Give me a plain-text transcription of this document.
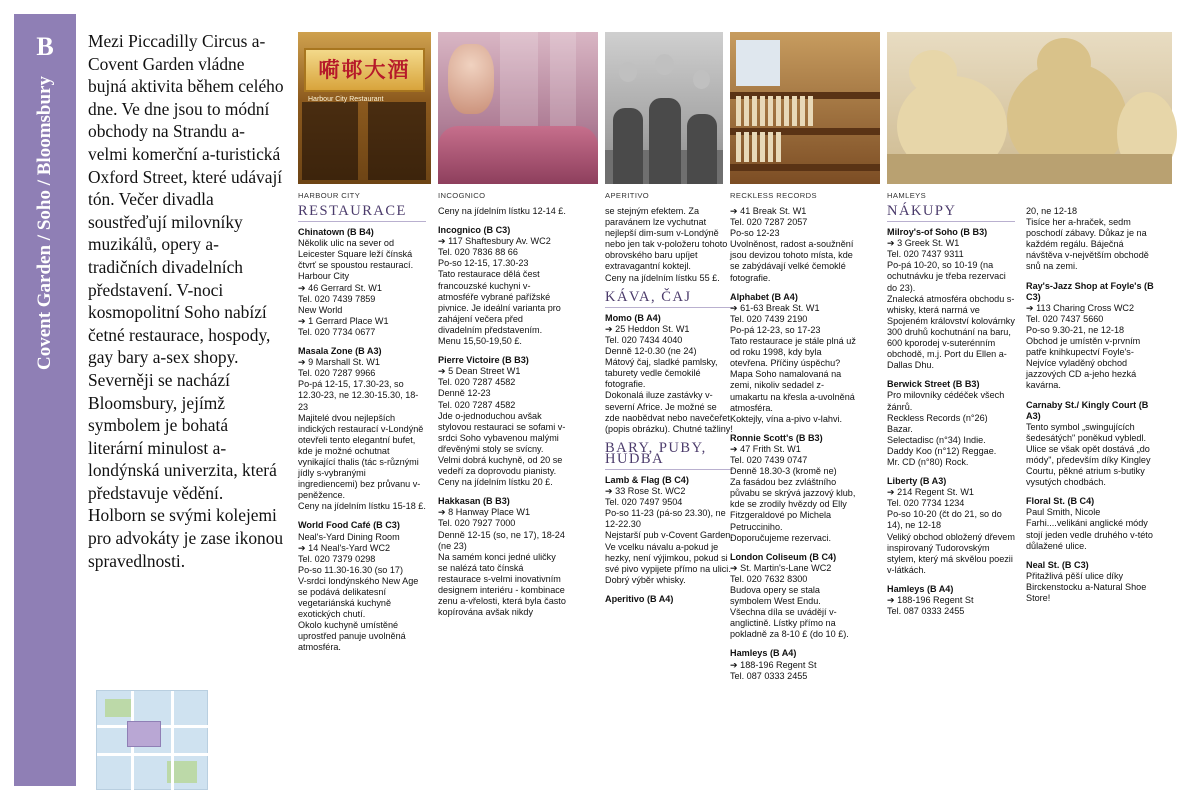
B
Covent Garden / Soho / Bloomsbury
Mezi Piccadilly Circus a-Covent Garden vládne bujná aktivita během celého dne. Ve dne jsou to módní obchody na Strandu a-velmi komerční a-turistická Oxford Street, které udávají tón. Večer divadla soustřeďují milovníky muzikálů, opery a-tradičních divadelních představení. V-noci kosmopolitní Soho nabízí četné restaurace, hospody, gay bary a-sex shopy. Severněji se nachází Bloomsbury, jejímž symbolem je bohatá literární minulost a-londýnská univerzita, která představuje vědění. Holborn se svými kolejemi pro advokáty je zase ikonou spravedlnosti.
嗬邨大酒
Harbour City Restaurant
HARBOUR CITY	INCOGNICO	APERITIVO	RECKLESS RECORDS	HAMLEYS
RESTAURACE

Chinatown (B B4)

Několik ulic na sever od Leicester Square leží čínská čtvrť se spoustou restaurací.

Harbour City

➔ 46 Gerrard St. W1

Tel. 020 7439 7859

New World

➔ 1 Gerrard Place W1

Tel. 020 7734 0677

Masala Zone (B A3)

➔ 9 Marshall St. W1

Tel. 020 7287 9966

Po-pá 12-15, 17.30-23, so 12.30-23, ne 12.30-15.30, 18-23

Majitelé dvou nejlepších indických restaurací v-Londýně otevřeli tento elegantní bufet, kde je možné ochutnat vynikající thalis (tác s-různými jídly s-vybranými ingrediencemi) bez průvanu v-peněžence.

Ceny na jídelním lístku 15-18 £.

World Food Café (B C3)

Neal's-Yard Dining Room

➔ 14 Neal's-Yard WC2

Tel. 020 7379 0298

Po-so 11.30-16.30 (so 17)

V-srdci londýnského New Age se podává delikatesní vegetariánská kuchyně exotických chutí.

Okolo kuchyně umístěné uprostřed panuje uvolněná atmosféra.

Ceny na jídelním lístku 12-14 £.

Incognico (B C3)

➔ 117 Shaftesbury Av. WC2

Tel. 020 7836 88 66

Po-so 12-15, 17.30-23

Tato restaurace dělá čest francouzské kuchyni v-atmosféře vybrané pařížské pivnice. Je ideální varianta pro zahájení večera před divadelním představením.

Menu 15,50-19,50 £.

Pierre Victoire (B B3)

➔ 5 Dean Street W1

Tel. 020 7287 4582

Denně 12-23

Tel. 020 7287 4582

Jde o-jednoduchou avšak stylovou restauraci se sofami v-srdci Soho vybavenou malými dřevěnými stoly se svícny. Velmi dobrá kuchyně, od 20 se vedeří za doprovodu pianisty.

Ceny na jídelním lístku 20 £.

Hakkasan (B B3)

➔ 8 Hanway Place W1

Tel. 020 7927 7000

Denně 12-15 (so, ne 17), 18-24 (ne 23)

Na samém konci jedné uličky se nalézá tato čínská restaurace s-velmi inovativním designem interiéru - kombinace zenu a-vřelosti, která byla často kopírována avšak nikdy

se stejným efektem. Za paravánem lze vychutnat nejlepší dim-sum v-Londýně nebo jen tak v-položeru tohoto obrovského baru upíjet extravagantní koktejl.

Ceny na jídelním lístku 55 £.

KÁVA, ČAJ

Momo (B A4)

➔ 25 Heddon St. W1

Tel. 020 7434 4040

Denně 12-0.30 (ne 24)

Mátový čaj, sladké pamlsky, taburety vedle čemokilé fotografie.

Dokonalá iluze zastávky v-severní Africe. Je možné se zde naobědvat nebo navečeřet (popis obrázku). Chutné tažliny!

BARY, PUBY, HUDBA

Lamb & Flag (B C4)

➔ 33 Rose St. WC2

Tel. 020 7497 9504

Po-so 11-23 (pá-so 23.30), ne 12-22.30

Nejstarší pub v-Covent Garden.

Ve vcelku návalu a-pokud je hezky, není výjimkou, pokud si své pivo vypijete přímo na ulici. Dobrý výběr whisky.

Aperitivo (B A4)

➔ 41 Break St. W1

Tel. 020 7287 2057

Po-so 12-23

Uvolněnost, radost a-soužnění jsou devizou tohoto místa, kde se zabýdávají velké čemoklé fotografie.

Alphabet (B A4)

➔ 61-63 Break St. W1

Tel. 020 7439 2190

Po-pá 12-23, so 17-23

Tato restaurace je stále plná už od roku 1998, kdy byla otevřena. Příčiny úspěchu? Mapa Soho namalovaná na zemi, nikoliv sedadel z-umakartu na křesla a-uvolněná atmosféra.

Koktejly, vína a-pivo v-lahvi.

Ronnie Scott's (B B3)

➔ 47 Frith St. W1

Tel. 020 7439 0747

Denně 18.30-3 (kromě ne)

Za fasádou bez zvláštního půvabu se skrývá jazzový klub, kde se zrodily hvězdy od Elly Fitzgeraldové po Michela Petrucciniho.

Doporučujeme rezervaci.

London Coliseum (B C4)

➔ St. Martin's-Lane WC2

Tel. 020 7632 8300

Budova opery se stala symbolem West Endu. Všechna díla se uvádějí v-anglictině. Lístky přímo na pokladně za 8-10 £ (do 10 £).

Hamleys (B A4)

➔ 188-196 Regent St

Tel. 087 0333 2455

NÁKUPY

Milroy's-of Soho (B B3)

➔ 3 Greek St. W1

Tel. 020 7437 9311

Po-pá 10-20, so 10-19 (na ochutnávku je třeba rezervaci do 23).

Znalecká atmosféra obchodu s-whisky, která narrná ve Spojeném království kolovárnky 300 druhů kochutnání na baru, 600 kporodej v-suterénním obchodě, m.j. Port du Ellen a-Dallas Dhu.

Berwick Street (B B3)

Pro milovníky cédéček všech žánrů.

Reckless Records (n°26) Bazar.

Selectadisc (n°34) Indie.

Daddy Koo (n°12) Reggae.

Mr. CD (n°80) Rock.

Liberty (B A3)

➔ 214 Regent St. W1

Tel. 020 7734 1234

Po-so 10-20 (čt do 21, so do 14), ne 12-18

Veliký obchod obložený dřevem inspirovaný Tudorovským stylem, který má skvělou poezii v-látkách.

Hamleys (B A4)

➔ 188-196 Regent St

Tel. 087 0333 2455

20, ne 12-18

Tisíce her a-hraček, sedm poschodí zábavy. Důkaz je na každém regálu. Báječná návštěva v-největším obchodě snů na zemi.

Ray's-Jazz Shop at Foyle's (B C3)

➔ 113 Charing Cross WC2

Tel. 020 7437 5660

Po-so 9.30-21, ne 12-18

Obchod je umístěn v-prvním patře knihkupectví Foyle's-Nejvíce vyladěný obchod jazzových CD a-jeho hezká kavárna.

Carnaby St./ Kingly Court (B A3)

Tento symbol „swingujících šedesátých" poněkud vybledl. Ulice se však opět dostává „do módy", především díky Kingley Courtu, pěkné atrium s-butiky vysutých chodbách.

Floral St. (B C4)

Paul Smith, Nicole Farhi....velikáni anglické módy stojí jeden vedle druhého v-této důlažené ulice.

Neal St. (B C3)

Přitažlivá pěší ulice díky Birckenstocku a-Natural Shoe Store!
